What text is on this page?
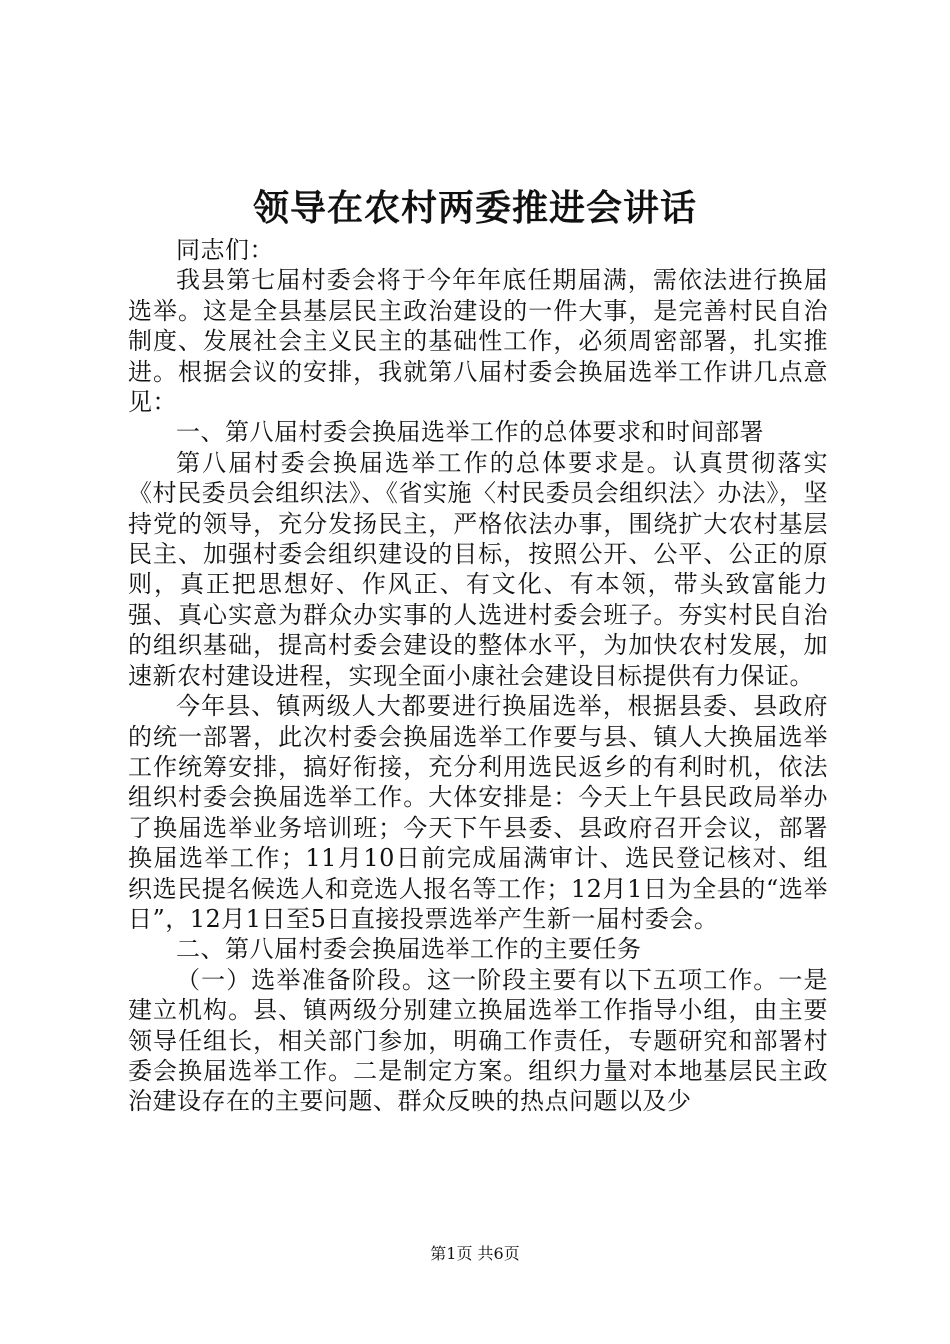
领导在农村两委推进会讲话

同志们：

我县第七届村委会将于今年年底任期届满，需依法进行换届选举。这是全县基层民主政治建设的一件大事，是完善村民自治制度、发展社会主义民主的基础性工作，必须周密部署，扎实推进。根据会议的安排，我就第八届村委会换届选举工作讲几点意见：

一、第八届村委会换届选举工作的总体要求和时间部署

第八届村委会换届选举工作的总体要求是。认真贯彻落实《村民委员会组织法》、《省实施〈村民委员会组织法〉办法》，坚持党的领导，充分发扬民主，严格依法办事，围绕扩大农村基层民主、加强村委会组织建设的目标，按照公开、公平、公正的原则，真正把思想好、作风正、有文化、有本领，带头致富能力强、真心实意为群众办实事的人选进村委会班子。夯实村民自治的组织基础，提高村委会建设的整体水平，为加快农村发展，加速新农村建设进程，实现全面小康社会建设目标提供有力保证。

今年县、镇两级人大都要进行换届选举，根据县委、县政府的统一部署，此次村委会换届选举工作要与县、镇人大换届选举工作统筹安排，搞好衔接，充分利用选民返乡的有利时机，依法组织村委会换届选举工作。大体安排是：今天上午县民政局举办了换届选举业务培训班；今天下午县委、县政府召开会议，部署换届选举工作；11月10日前完成届满审计、选民登记核对、组织选民提名候选人和竞选人报名等工作；12月1日为全县的“选举日”，12月1日至5日直接投票选举产生新一届村委会。

二、第八届村委会换届选举工作的主要任务

（一）选举准备阶段。这一阶段主要有以下五项工作。一是建立机构。县、镇两级分别建立换届选举工作指导小组，由主要领导任组长，相关部门参加，明确工作责任，专题研究和部署村委会换届选举工作。二是制定方案。组织力量对本地基层民主政治建设存在的主要问题、群众反映的热点问题以及少

第1页 共6页
